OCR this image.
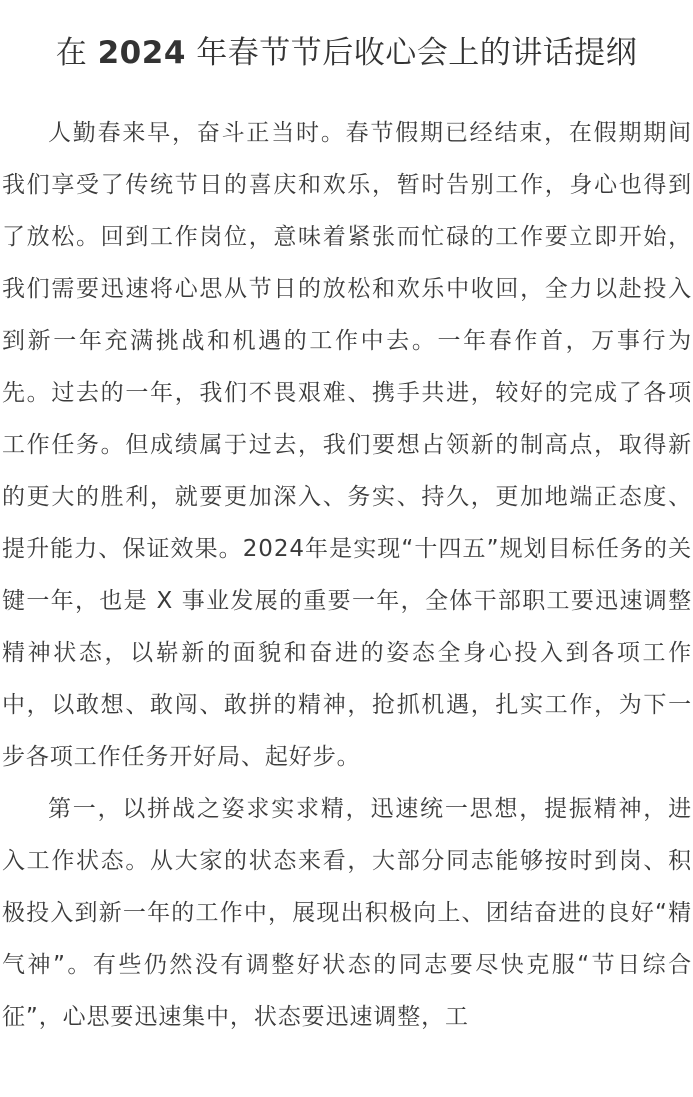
在 2024 年春节节后收心会上的讲话提纲

人勤春来早，奋斗正当时。春节假期已经结束，在假期期间我们享受了传统节日的喜庆和欢乐，暂时告别工作，身心也得到了放松。回到工作岗位，意味着紧张而忙碌的工作要立即开始，我们需要迅速将心思从节日的放松和欢乐中收回，全力以赴投入到新一年充满挑战和机遇的工作中去。一年春作首，万事行为先。过去的一年，我们不畏艰难、携手共进，较好的完成了各项工作任务。但成绩属于过去，我们要想占领新的制高点，取得新的更大的胜利，就要更加深入、务实、持久，更加地端正态度、提升能力、保证效果。2024年是实现“十四五”规划目标任务的关键一年，也是 X 事业发展的重要一年，全体干部职工要迅速调整精神状态，以崭新的面貌和奋进的姿态全身心投入到各项工作中，以敢想、敢闯、敢拼的精神，抢抓机遇，扎实工作，为下一步各项工作任务开好局、起好步。

第一，以拼战之姿求实求精，迅速统一思想，提振精神，进入工作状态。从大家的状态来看，大部分同志能够按时到岗、积极投入到新一年的工作中，展现出积极向上、团结奋进的良好“精气神”。有些仍然没有调整好状态的同志要尽快克服“节日综合征”，心思要迅速集中，状态要迅速调整，工
